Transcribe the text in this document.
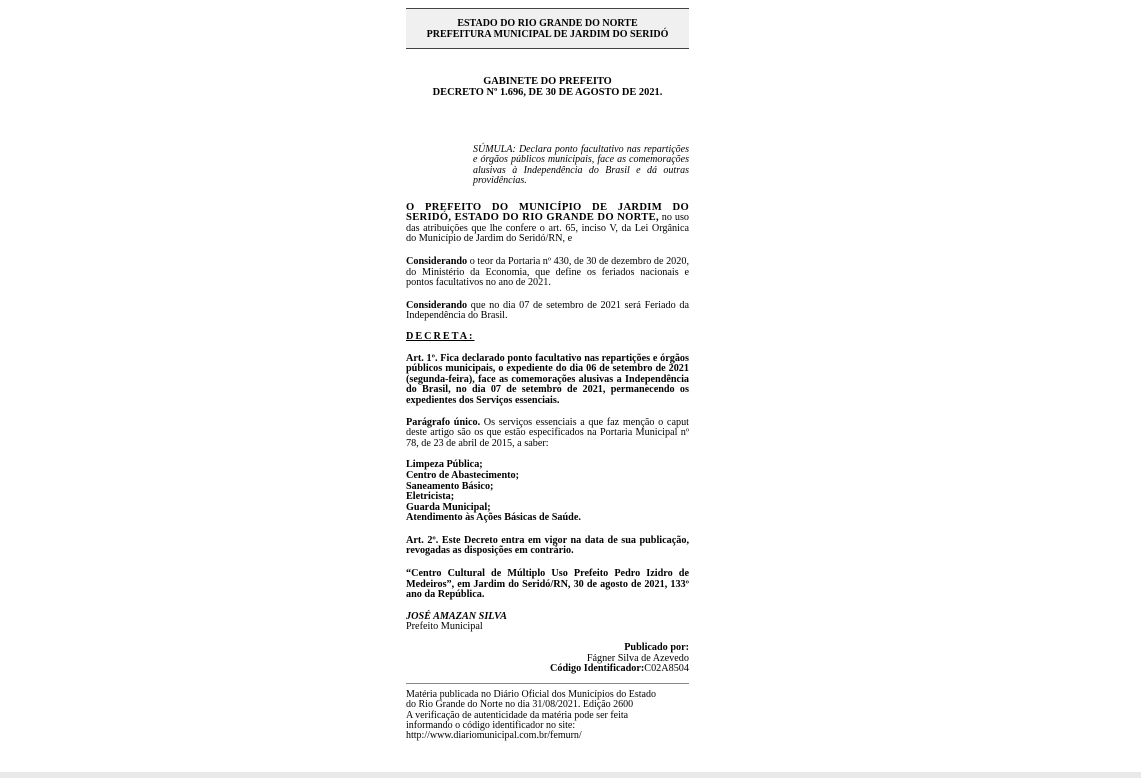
ESTADO DO RIO GRANDE DO NORTE
PREFEITURA MUNICIPAL DE JARDIM DO SERIDÓ
GABINETE DO PREFEITO
DECRETO Nº 1.696, DE 30 DE AGOSTO DE 2021.
SÚMULA: Declara ponto facultativo nas repartições e órgãos públicos municipais, face as comemorações alusivas à Independência do Brasil e dá outras providências.

O PREFEITO DO MUNICÍPIO DE JARDIM DO SERIDÓ, ESTADO DO RIO GRANDE DO NORTE, no uso das atribuições que lhe confere o art. 65, inciso V, da Lei Orgânica do Município de Jardim do Seridó/RN, e

Considerando o teor da Portaria nº 430, de 30 de dezembro de 2020, do Ministério da Economia, que define os feriados nacionais e pontos facultativos no ano de 2021.

Considerando que no dia 07 de setembro de 2021 será Feriado da Independência do Brasil.

DECRETA:

Art. 1º. Fica declarado ponto facultativo nas repartições e órgãos públicos municipais, o expediente do dia 06 de setembro de 2021 (segunda-feira), face as comemorações alusivas a Independência do Brasil, no dia 07 de setembro de 2021, permanecendo os expedientes dos Serviços essenciais.

Parágrafo único. Os serviços essenciais a que faz menção o caput deste artigo são os que estão especificados na Portaria Municipal nº 78, de 23 de abril de 2015, a saber:

Limpeza Pública;
Centro de Abastecimento;
Saneamento Básico;
Eletricista;
Guarda Municipal;
Atendimento às Ações Básicas de Saúde.

Art. 2º. Este Decreto entra em vigor na data de sua publicação, revogadas as disposições em contrário.

“Centro Cultural de Múltiplo Uso Prefeito Pedro Izidro de Medeiros”, em Jardim do Seridó/RN, 30 de agosto de 2021, 133º ano da República.

JOSÉ AMAZAN SILVA
Prefeito Municipal
Publicado por:
Fágner Silva de Azevedo
Código Identificador:C02A8504
Matéria publicada no Diário Oficial dos Municípios do Estado
do Rio Grande do Norte no dia 31/08/2021. Edição 2600
A verificação de autenticidade da matéria pode ser feita
informando o código identificador no site:
http://www.diariomunicipal.com.br/femurn/
